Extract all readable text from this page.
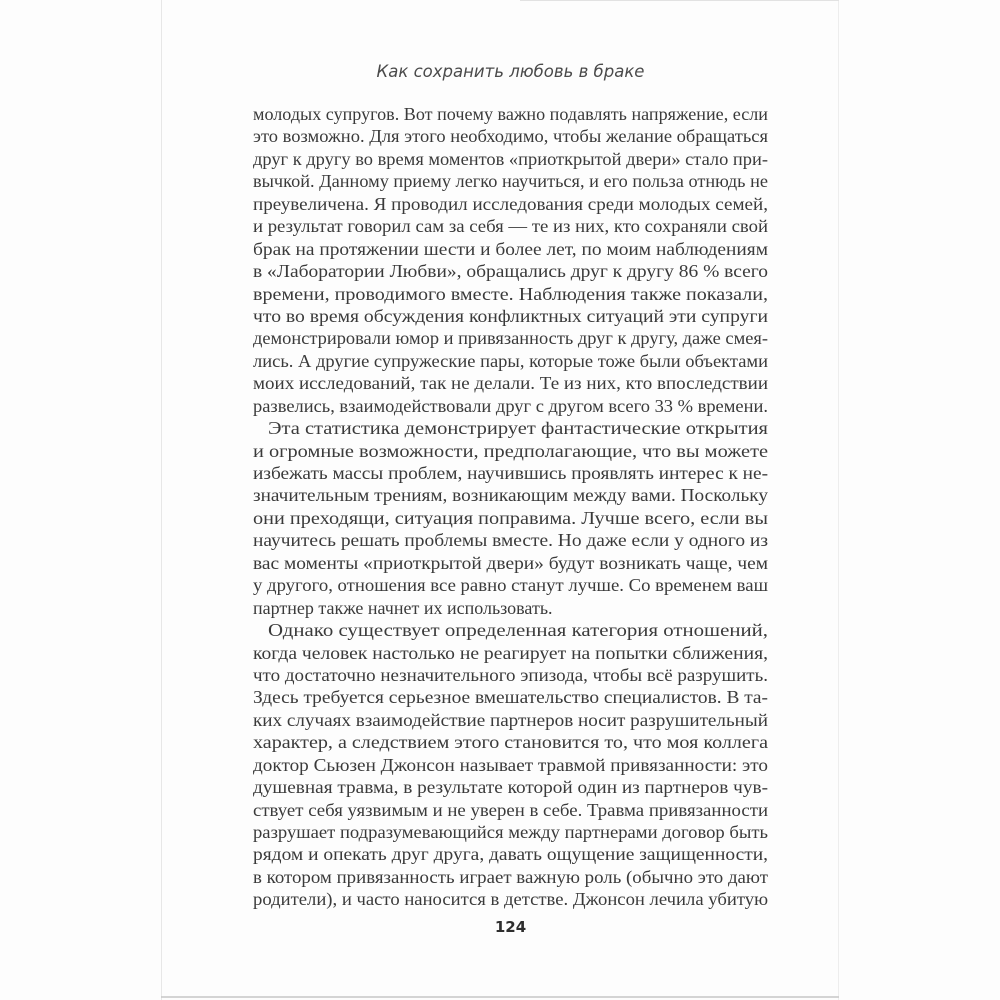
Как сохранить любовь в браке
молодых супругов. Вот почему важно подавлять напряжение, если
это возможно. Для этого необходимо, чтобы желание обращаться
друг к другу во время моментов «приоткрытой двери» стало при-
вычкой. Данному приему легко научиться, и его польза отнюдь не
преувеличена. Я проводил исследования среди молодых семей,
и результат говорил сам за себя — те из них, кто сохраняли свой
брак на протяжении шести и более лет, по моим наблюдениям
в «Лаборатории Любви», обращались друг к другу 86 % всего
времени, проводимого вместе. Наблюдения также показали,
что во время обсуждения конфликтных ситуаций эти супруги
демонстрировали юмор и привязанность друг к другу, даже смея-
лись. А другие супружеские пары, которые тоже были объектами
моих исследований, так не делали. Те из них, кто впоследствии
развелись, взаимодействовали друг с другом всего 33 % времени.
Эта статистика демонстрирует фантастические открытия
и огромные возможности, предполагающие, что вы можете
избежать массы проблем, научившись проявлять интерес к не-
значительным трениям, возникающим между вами. Поскольку
они преходящи, ситуация поправима. Лучше всего, если вы
научитесь решать проблемы вместе. Но даже если у одного из
вас моменты «приоткрытой двери» будут возникать чаще, чем
у другого, отношения все равно станут лучше. Со временем ваш
партнер также начнет их использовать.
Однако существует определенная категория отношений,
когда человек настолько не реагирует на попытки сближения,
что достаточно незначительного эпизода, чтобы всё разрушить.
Здесь требуется серьезное вмешательство специалистов. В та-
ких случаях взаимодействие партнеров носит разрушительный
характер, а следствием этого становится то, что моя коллега
доктор Сьюзен Джонсон называет травмой привязанности: это
душевная травма, в результате которой один из партнеров чув-
ствует себя уязвимым и не уверен в себе. Травма привязанности
разрушает подразумевающийся между партнерами договор быть
рядом и опекать друг друга, давать ощущение защищенности,
в котором привязанность играет важную роль (обычно это дают
родители), и часто наносится в детстве. Джонсон лечила убитую
124
